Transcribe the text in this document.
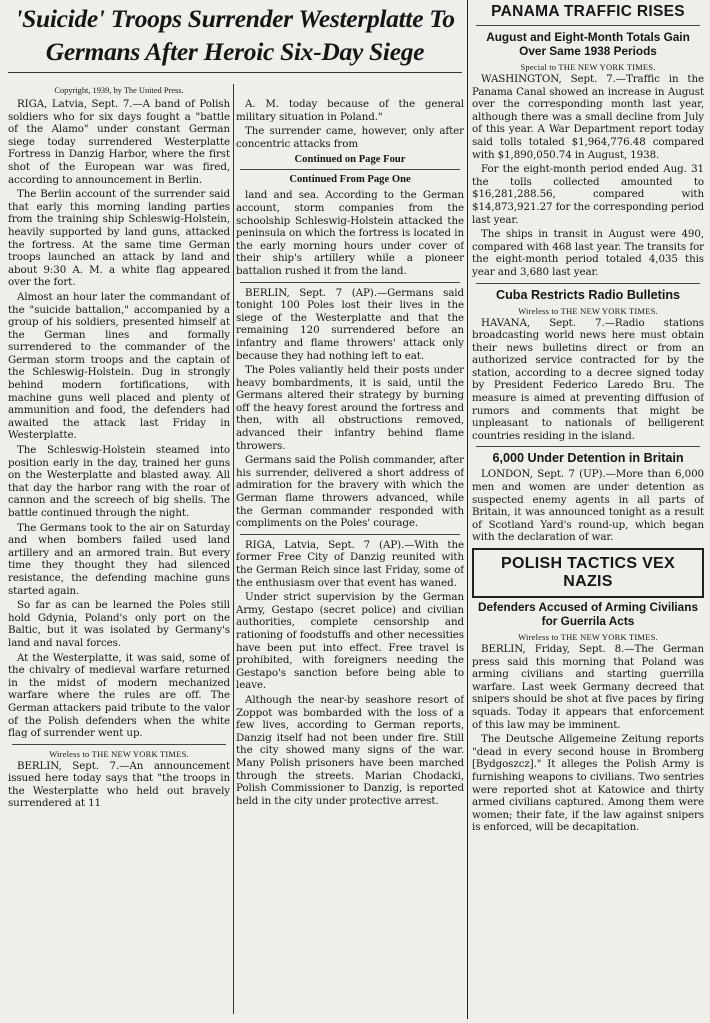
'Suicide' Troops Surrender Westerplatte To Germans After Heroic Six-Day Siege
Copyright, 1939, by The United Press.

RIGA, Latvia, Sept. 7.—A band of Polish soldiers who for six days fought a "battle of the Alamo" under constant German siege today surrendered Westerplatte Fortress in Danzig Harbor, where the first shot of the European war was fired, according to announcement in Berlin.

The Berlin account of the surrender said that early this morning landing parties from the training ship Schleswig-Holstein, heavily supported by land guns, attacked the fortress. At the same time German troops launched an attack by land and about 9:30 A. M. a white flag appeared over the fort.

Almost an hour later the commandant of the "suicide battalion," accompanied by a group of his soldiers, presented himself at the German lines and formally surrendered to the commander of the German storm troops and the captain of the Schleswig-Holstein. Dug in strongly behind modern fortifications, with machine guns well placed and plenty of ammunition and food, the defenders had awaited the attack last Friday in Westerplatte.

The Schleswig-Holstein steamed into position early in the day, trained her guns on the Westerplatte and blasted away. All that day the harbor rang with the roar of cannon and the screech of big shells. The battle continued through the night.

The Germans took to the air on Saturday and when bombers failed used land artillery and an armored train. But every time they thought they had silenced resistance, the defending machine guns started again.

So far as can be learned the Poles still hold Gdynia, Poland's only port on the Baltic, but it was isolated by Germany's land and naval forces.

At the Westerplatte, it was said, some of the chivalry of medieval warfare returned in the midst of modern mechanized warfare where the rules are off. The German attackers paid tribute to the valor of the Polish defenders when the white flag of surrender went up.

Wireless to THE NEW YORK TIMES.

BERLIN, Sept. 7.—An announcement issued here today says that "the troops in the Westerplatte who held out bravely surrendered at 11

A. M. today because of the general military situation in Poland."

The surrender came, however, only after concentric attacks from

Continued on Page Four
Continued From Page One

land and sea. According to the German account, storm companies from the schoolship Schleswig-Holstein attacked the peninsula on which the fortress is located in the early morning hours under cover of their ship's artillery while a pioneer battalion rushed it from the land.

BERLIN, Sept. 7 (AP).—Germans said tonight 100 Poles lost their lives in the siege of the Westerplatte and that the remaining 120 surrendered before an infantry and flame throwers' attack only because they had nothing left to eat.

The Poles valiantly held their posts under heavy bombardments, it is said, until the Germans altered their strategy by burning off the heavy forest around the fortress and then, with all obstructions removed, advanced their infantry behind flame throwers.

Germans said the Polish commander, after his surrender, delivered a short address of admiration for the bravery with which the German flame throwers advanced, while the German commander responded with compliments on the Poles' courage.

RIGA, Latvia, Sept. 7 (AP).—With the former Free City of Danzig reunited with the German Reich since last Friday, some of the enthusiasm over that event has waned.

Under strict supervision by the German Army, Gestapo (secret police) and civilian authorities, complete censorship and rationing of foodstuffs and other necessities have been put into effect. Free travel is prohibited, with foreigners needing the Gestapo's sanction before being able to leave.

Although the near-by seashore resort of Zoppot was bombarded with the loss of a few lives, according to German reports, Danzig itself had not been under fire. Still the city showed many signs of the war. Many Polish prisoners have been marched through the streets. Marian Chodacki, Polish Commissioner to Danzig, is reported held in the city under protective arrest.

PANAMA TRAFFIC RISES
August and Eight-Month Totals Gain Over Same 1938 Periods
Special to THE NEW YORK TIMES.

WASHINGTON, Sept. 7.—Traffic in the Panama Canal showed an increase in August over the corresponding month last year, although there was a small decline from July of this year. A War Department report today said tolls totaled $1,964,776.48 compared with $1,890,050.74 in August, 1938.

For the eight-month period ended Aug. 31 the tolls collected amounted to $16,281,288.56, compared with $14,873,921.27 for the corresponding period last year.

The ships in transit in August were 490, compared with 468 last year. The transits for the eight-month period totaled 4,035 this year and 3,680 last year.

Cuba Restricts Radio Bulletins
Wireless to THE NEW YORK TIMES.

HAVANA, Sept. 7.—Radio stations broadcasting world news here must obtain their news bulletins direct or from an authorized service contracted for by the station, according to a decree signed today by President Federico Laredo Bru. The measure is aimed at preventing diffusion of rumors and comments that might be unpleasant to nationals of belligerent countries residing in the island.

6,000 Under Detention in Britain

LONDON, Sept. 7 (UP).—More than 6,000 men and women are under detention as suspected enemy agents in all parts of Britain, it was announced tonight as a result of Scotland Yard's round-up, which began with the declaration of war.

POLISH TACTICS VEX NAZIS
Defenders Accused of Arming Civilians for Guerrila Acts
Wireless to THE NEW YORK TIMES.

BERLIN, Friday, Sept. 8.—The German press said this morning that Poland was arming civilians and starting guerrilla warfare. Last week Germany decreed that snipers should be shot at five paces by firing squads. Today it appears that enforcement of this law may be imminent.

The Deutsche Allgemeine Zeitung reports "dead in every second house in Bromberg [Bydgoszcz]." It alleges the Polish Army is furnishing weapons to civilians. Two sentries were reported shot at Katowice and thirty armed civilians captured. Among them were women; their fate, if the law against snipers is enforced, will be decapitation.
